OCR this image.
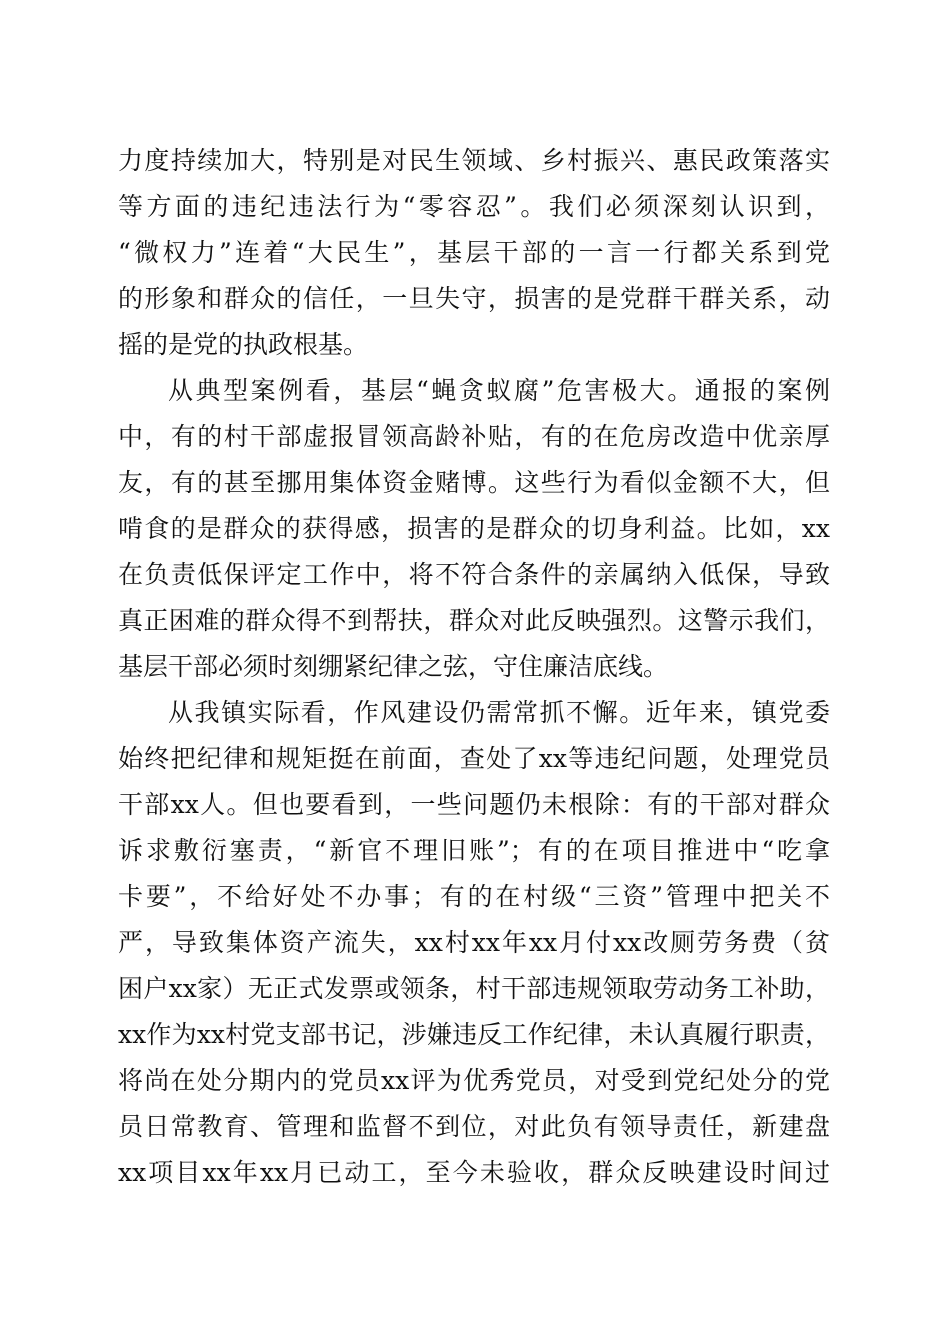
力度持续加大，特别是对民生领域、乡村振兴、惠民政策落实
等方面的违纪违法行为“零容忍”。我们必须深刻认识到，
“微权力”连着“大民生”，基层干部的一言一行都关系到党
的形象和群众的信任，一旦失守，损害的是党群干群关系，动
摇的是党的执政根基。
从典型案例看，基层“蝇贪蚁腐”危害极大。通报的案例
中，有的村干部虚报冒领高龄补贴，有的在危房改造中优亲厚
友，有的甚至挪用集体资金赌博。这些行为看似金额不大，但
啃食的是群众的获得感，损害的是群众的切身利益。比如，xx
在负责低保评定工作中，将不符合条件的亲属纳入低保，导致
真正困难的群众得不到帮扶，群众对此反映强烈。这警示我们，
基层干部必须时刻绷紧纪律之弦，守住廉洁底线。
从我镇实际看，作风建设仍需常抓不懈。近年来，镇党委
始终把纪律和规矩挺在前面，查处了xx等违纪问题，处理党员
干部xx人。但也要看到，一些问题仍未根除：有的干部对群众
诉求敷衍塞责，“新官不理旧账”；有的在项目推进中“吃拿
卡要”，不给好处不办事；有的在村级“三资”管理中把关不
严，导致集体资产流失，xx村xx年xx月付xx改厕劳务费（贫
困户xx家）无正式发票或领条，村干部违规领取劳动务工补助，
xx作为xx村党支部书记，涉嫌违反工作纪律，未认真履行职责，
将尚在处分期内的党员xx评为优秀党员，对受到党纪处分的党
员日常教育、管理和监督不到位，对此负有领导责任，新建盘
xx项目xx年xx月已动工，至今未验收，群众反映建设时间过
